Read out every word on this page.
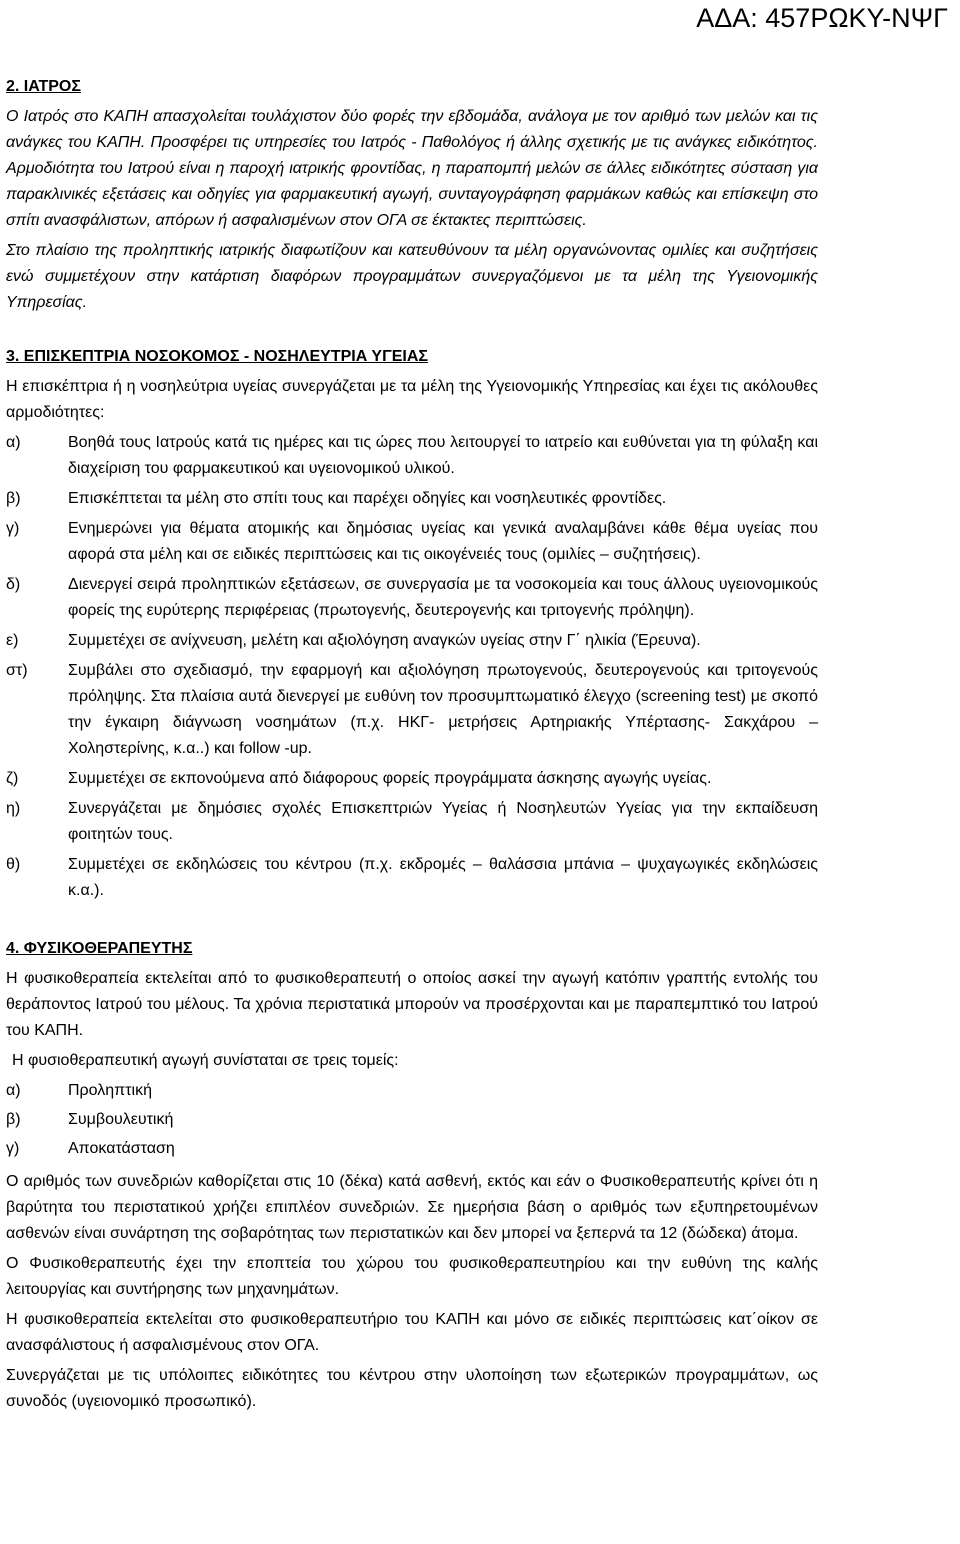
ΑΔΑ: 457ΡΩΚΥ-ΝΨΓ
2. ΙΑΤΡΟΣ

Ο Ιατρός στο ΚΑΠΗ απασχολείται τουλάχιστον δύο φορές την εβδομάδα, ανάλογα με τον αριθμό των μελών και τις ανάγκες του ΚΑΠΗ. Προσφέρει τις υπηρεσίες του Ιατρός - Παθολόγος ή άλλης σχετικής με τις ανάγκες ειδικότητος. Αρμοδιότητα του Ιατρού είναι η παροχή ιατρικής φροντίδας, η παραπομπή μελών σε άλλες ειδικότητες σύσταση για παρακλινικές εξετάσεις και οδηγίες για φαρμακευτική αγωγή, συνταγογράφηση φαρμάκων καθώς και επίσκεψη στο σπίτι ανασφάλιστων, απόρων ή ασφαλισμένων στον ΟΓΑ σε έκτακτες περιπτώσεις.

Στο πλαίσιο της προληπτικής ιατρικής διαφωτίζουν και κατευθύνουν τα μέλη οργανώνοντας ομιλίες και συζητήσεις ενώ συμμετέχουν στην κατάρτιση διαφόρων προγραμμάτων συνεργαζόμενοι με τα μέλη της Υγειονομικής Υπηρεσίας.

3. ΕΠΙΣΚΕΠΤΡΙΑ ΝΟΣΟΚΟΜΟΣ - ΝΟΣΗΛΕΥΤΡΙΑ ΥΓΕΙΑΣ

Η επισκέπτρια ή η νοσηλεύτρια υγείας συνεργάζεται με τα μέλη της Υγειονομικής Υπηρεσίας και έχει τις ακόλουθες αρμοδιότητες:

α)	Βοηθά τους Ιατρούς κατά τις ημέρες και τις ώρες που λειτουργεί το ιατρείο και ευθύνεται για τη φύλαξη και διαχείριση του φαρμακευτικού και υγειονομικού υλικού.
β)	Επισκέπτεται τα μέλη στο σπίτι τους και παρέχει οδηγίες και νοσηλευτικές φροντίδες.
γ)	Ενημερώνει για θέματα ατομικής και δημόσιας υγείας και γενικά αναλαμβάνει κάθε θέμα υγείας που αφορά στα μέλη και σε ειδικές περιπτώσεις και τις οικογένειές τους (ομιλίες – συζητήσεις).
δ)	Διενεργεί σειρά προληπτικών εξετάσεων, σε συνεργασία με τα νοσοκομεία και τους άλλους υγειονομικούς φορείς της ευρύτερης περιφέρειας (πρωτογενής, δευτερογενής και τριτογενής πρόληψη).
ε)	Συμμετέχει σε ανίχνευση, μελέτη και αξιολόγηση αναγκών υγείας στην Γ΄ ηλικία (Έρευνα).
στ)	Συμβάλει στο σχεδιασμό, την εφαρμογή και αξιολόγηση πρωτογενούς, δευτερογενούς και τριτογενούς πρόληψης. Στα πλαίσια αυτά διενεργεί με ευθύνη τον προσυμπτωματικό έλεγχο (screening test) με σκοπό την έγκαιρη διάγνωση νοσημάτων (π.χ. ΗΚΓ- μετρήσεις Αρτηριακής Υπέρτασης- Σακχάρου – Χοληστερίνης, κ.α..) και follow -up.
ζ)	Συμμετέχει σε εκπονούμενα από διάφορους φορείς προγράμματα άσκησης αγωγής υγείας.
η)	Συνεργάζεται με δημόσιες σχολές Επισκεπτριών Υγείας ή Νοσηλευτών Υγείας για την εκπαίδευση φοιτητών τους.
θ)	Συμμετέχει σε εκδηλώσεις του κέντρου (π.χ. εκδρομές – θαλάσσια μπάνια – ψυχαγωγικές εκδηλώσεις κ.α.).
4. ΦΥΣΙΚΟΘΕΡΑΠΕΥΤΗΣ

Η φυσικοθεραπεία εκτελείται από το φυσικοθεραπευτή ο οποίος ασκεί την αγωγή κατόπιν γραπτής εντολής του θεράποντος Ιατρού του μέλους. Τα χρόνια περιστατικά μπορούν να προσέρχονται και με παραπεμπτικό του Ιατρού του ΚΑΠΗ.

Η φυσιοθεραπευτική αγωγή συνίσταται σε τρεις τομείς:

α)	Προληπτική
β)	Συμβουλευτική
γ)	Αποκατάσταση

Ο αριθμός των συνεδριών καθορίζεται στις 10 (δέκα) κατά ασθενή, εκτός και εάν ο Φυσικοθεραπευτής κρίνει ότι η βαρύτητα του περιστατικού χρήζει επιπλέον συνεδριών. Σε ημερήσια βάση ο αριθμός των εξυπηρετουμένων ασθενών είναι συνάρτηση της σοβαρότητας των περιστατικών και δεν μπορεί να ξεπερνά τα 12 (δώδεκα) άτομα.

Ο Φυσικοθεραπευτής έχει την εποπτεία του χώρου του φυσικοθεραπευτηρίου και την ευθύνη της καλής λειτουργίας και συντήρησης των μηχανημάτων.

Η φυσικοθεραπεία εκτελείται στο φυσικοθεραπευτήριο του ΚΑΠΗ και μόνο σε ειδικές περιπτώσεις κατ΄οίκον σε ανασφάλιστους ή ασφαλισμένους στον ΟΓΑ.

Συνεργάζεται με τις υπόλοιπες ειδικότητες του κέντρου στην υλοποίηση των εξωτερικών προγραμμάτων, ως συνοδός (υγειονομικό προσωπικό).
